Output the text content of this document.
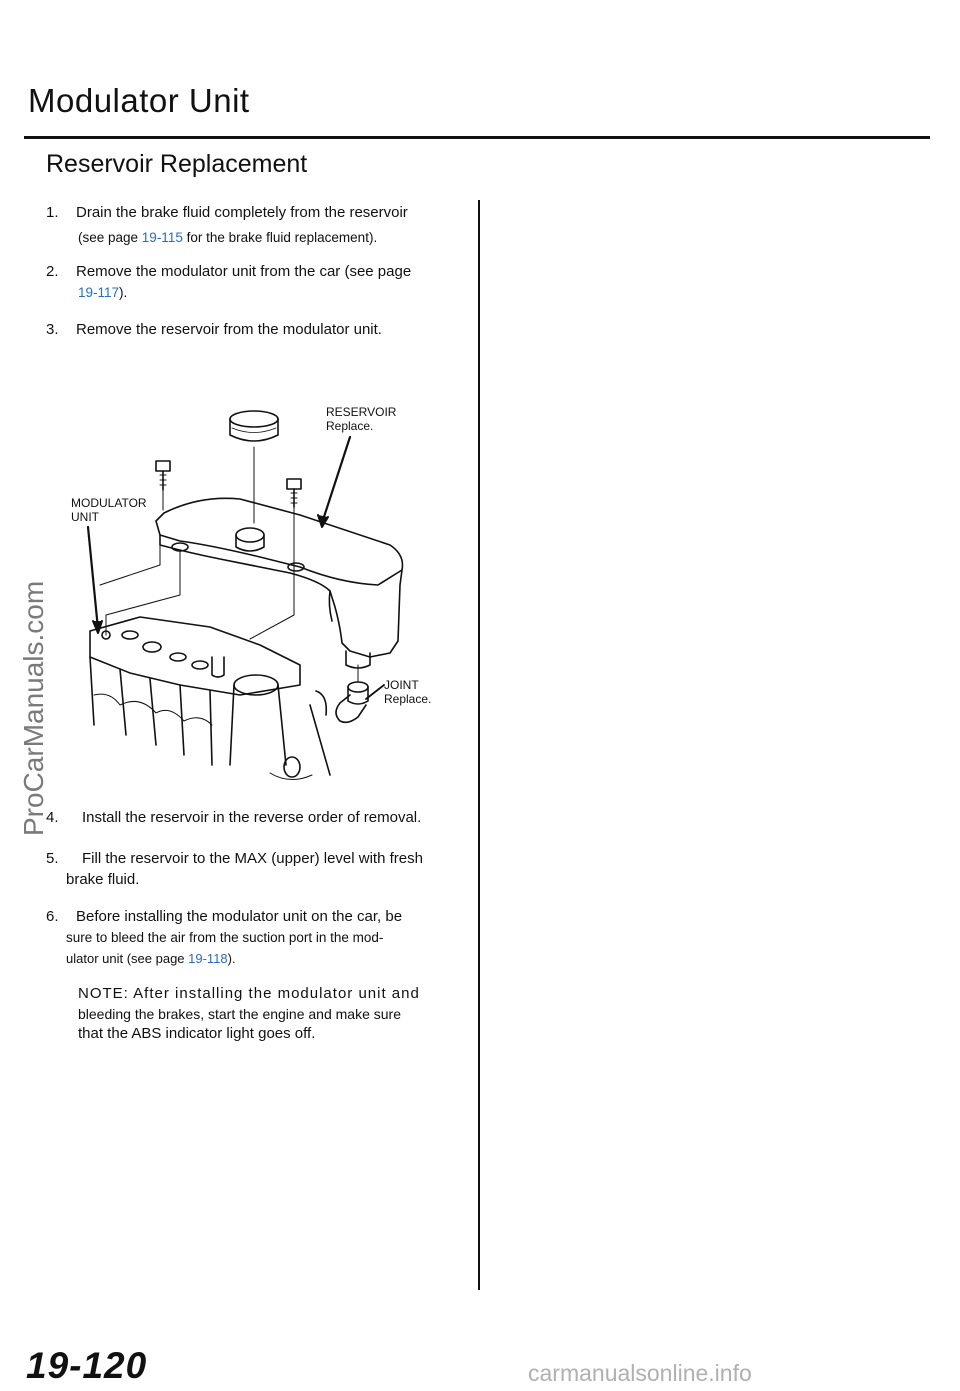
Modulator Unit
Reservoir Replacement
1. Drain the brake fluid completely from the reservoir
(see page 19-115 for the brake fluid replacement).
2. Remove the modulator unit from the car (see page
19-117).
3. Remove the reservoir from the modulator unit.
RESERVOIR
Replace.
MODULATOR
UNIT
JOINT
Replace.
4. Install the reservoir in the reverse order of removal.
5. Fill the reservoir to the MAX (upper) level with fresh
brake fluid.
6. Before installing the modulator unit on the car, be
sure to bleed the air from the suction port in the mod-
ulator unit (see page 19-118).
NOTE: After installing the modulator unit and
bleeding the brakes, start the engine and make sure
that the ABS indicator light goes off.
ProCarManuals.com
19-120	carmanualsonline.info
